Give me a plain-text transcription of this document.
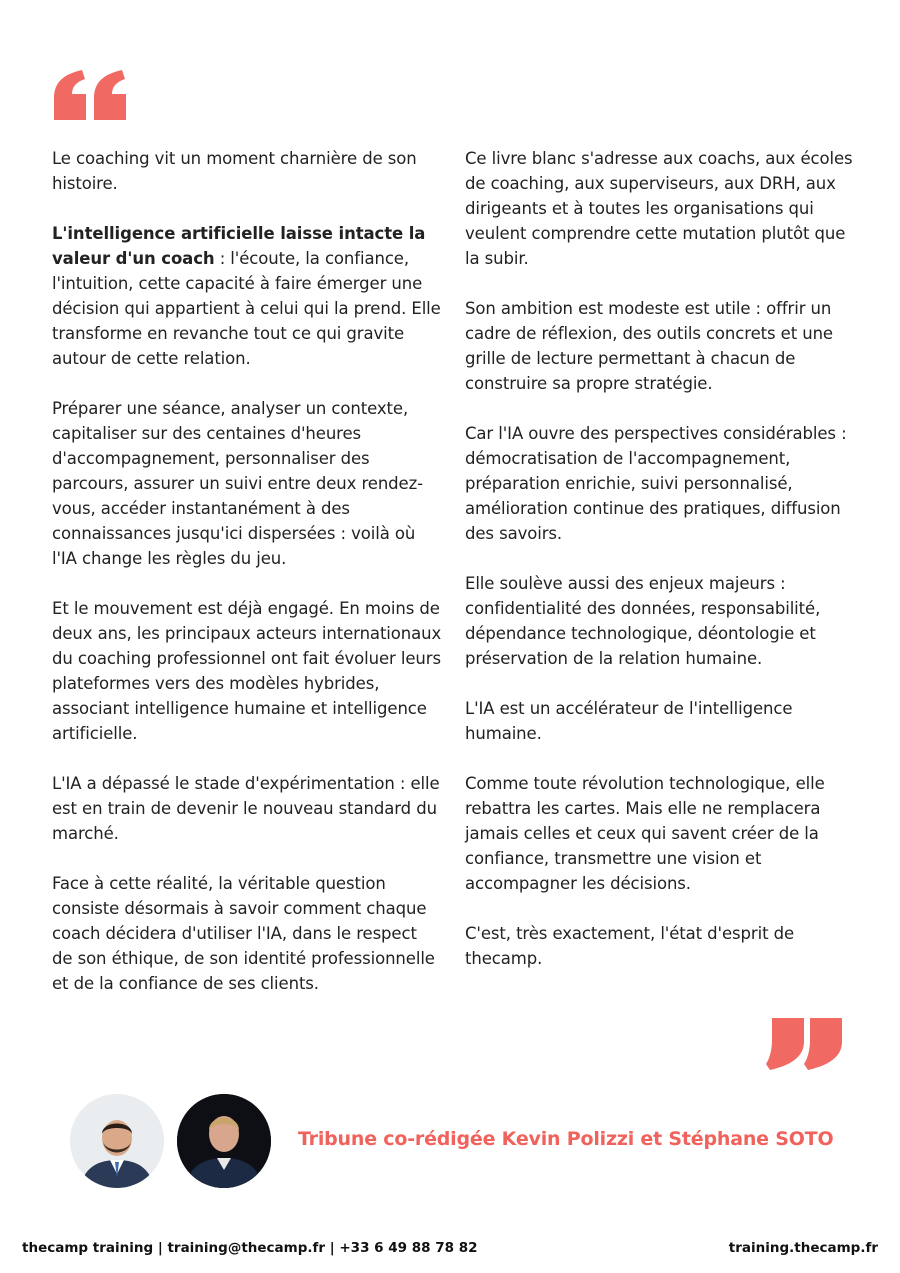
Le coaching vit un moment charnière de son histoire.

L'intelligence artificielle laisse intacte la valeur d'un coach : l'écoute, la confiance, l'intuition, cette capacité à faire émerger une décision qui appartient à celui qui la prend. Elle transforme en revanche tout ce qui gravite autour de cette relation.

Préparer une séance, analyser un contexte, capitaliser sur des centaines d'heures d'accompagnement, personnaliser des parcours, assurer un suivi entre deux rendez-vous, accéder instantanément à des connaissances jusqu'ici dispersées : voilà où l'IA change les règles du jeu.

Et le mouvement est déjà engagé. En moins de deux ans, les principaux acteurs internationaux du coaching professionnel ont fait évoluer leurs plateformes vers des modèles hybrides, associant intelligence humaine et intelligence artificielle.

L'IA a dépassé le stade d'expérimentation : elle est en train de devenir le nouveau standard du marché.

Face à cette réalité, la véritable question consiste désormais à savoir comment chaque coach décidera d'utiliser l'IA, dans le respect de son éthique, de son identité professionnelle et de la confiance de ses clients.

Ce livre blanc s'adresse aux coachs, aux écoles de coaching, aux superviseurs, aux DRH, aux dirigeants et à toutes les organisations qui veulent comprendre cette mutation plutôt que la subir.

Son ambition est modeste est utile : offrir un cadre de réflexion, des outils concrets et une grille de lecture permettant à chacun de construire sa propre stratégie.

Car l'IA ouvre des perspectives considérables : démocratisation de l'accompagnement, préparation enrichie, suivi personnalisé, amélioration continue des pratiques, diffusion des savoirs.

Elle soulève aussi des enjeux majeurs : confidentialité des données, responsabilité, dépendance technologique, déontologie et préservation de la relation humaine.

L'IA est un accélérateur de l'intelligence humaine.

Comme toute révolution technologique, elle rebattra les cartes. Mais elle ne remplacera jamais celles et ceux qui savent créer de la confiance, transmettre une vision et accompagner les décisions.

C'est, très exactement, l'état d'esprit de thecamp.

Tribune co-rédigée Kevin Polizzi et Stéphane SOTO
thecamp training | training@thecamp.fr | +33 6 49 88 78 82	training.thecamp.fr
